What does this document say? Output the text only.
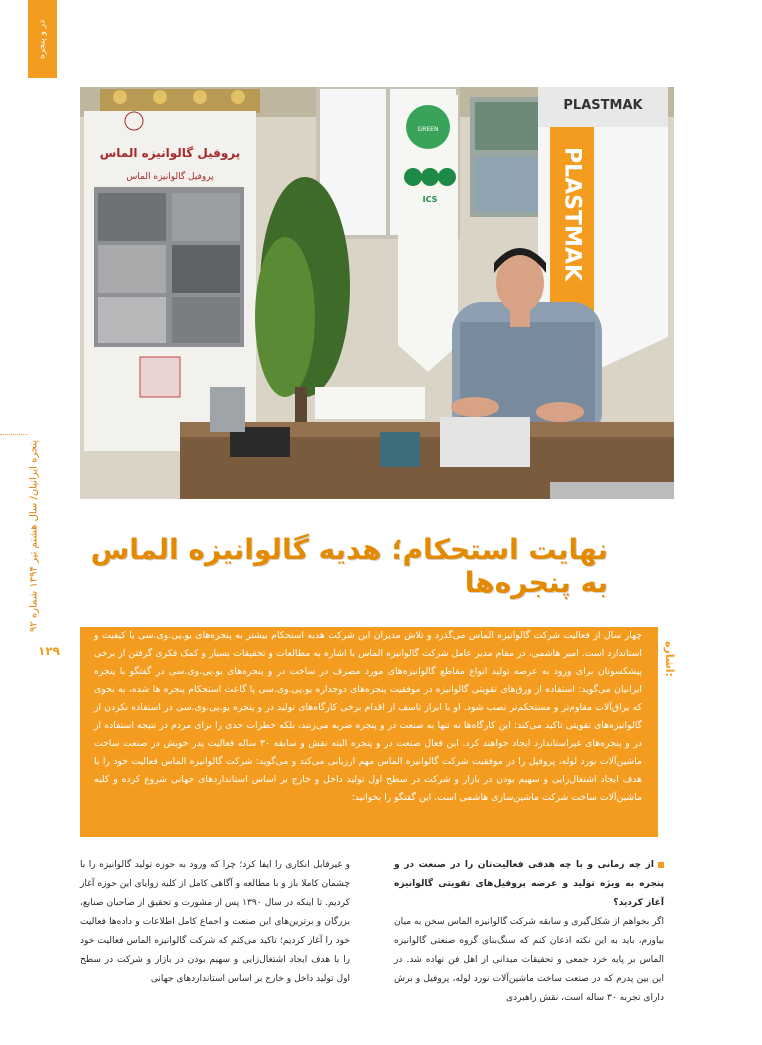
در و پنجره
پنجره ایرانیان/ سال هشتم تیر ۱۳۹۴ شماره ۹۲
۱۲۹
پروفیل گالوانیزه الماس
پروفیل گالوانیزه الماس
PLASTMAK
PLASTMAK
GREEN
ICS
نهایت استحکام؛ هدیه گالوانیزه الماس به پنجره‌ها
اشاره:
چهار سال از فعالیت شرکت گالوانیزه الماس می‌گذرد و تلاش مدیران این شرکت هدیه استحکام بیشتر به پنجره‌های یو.پی.وی.سی با کیفیت و استاندارد است. امیر هاشمی، در مقام مدیر عامل شرکت گالوانیزه الماس با اشاره به مطالعات و تحقیقات بسیار و کمک فکری گرفتن از برخی پیشکسوتان برای ورود به عرصه تولید انواع مقاطع گالوانیزه‌های مورد مصرف در ساخت در و پنجره‌های یو.پی.وی.سی در گفتگو با پنجره ایرانیان می‌گوید: استفاده از ورق‌های تقویتی گالوانیزه در موفقیت پنجره‌های دوجداره یو.پی.وی.سی پا گاعث استحکام پنجره ها شده، به نحوی که یراق‌آلات مقاوم‌تر و مستحکم‌تر نصب شود. او با ابراز تاسف از اقدام برخی کارگاه‌های تولید در و پنجره یو.پی.وی.سی در استفاده نکردن از گالوانیزه‌های تقویتی تاکید می‌کند: این کارگاه‌ها نه تنها به صنعت در و پنجره ضربه می‌زنند، بلکه خطرات جدی را برای مردم در نتیجه استفاده از در و پنجره‌های غیراستاندارد ایجاد خواهند کرد. این فعال صنعت در و پنجره البته نقش و سابقه ۳۰ ساله فعالیت پدر خویش در صنعت ساخت ماشین‌آلات نورد لوله، پروفیل را در موفقیت شرکت گالوانیزه الماس مهم ارزیابی می‌کند و می‌گوید: شرکت گالوانیزه الماس فعالیت خود را با هدف ایجاد اشتغال‌زایی و سهیم بودن در بازار و شرکت در سطح اول تولید داخل و خارج بر اساس استانداردهای جهانی شروع کرده و کلیه ماشین‌آلات ساخت شرکت ماشین‌سازی هاشمی است. این گفتگو را بخوانید:
از چه زمانی و با چه هدفی فعالیت‌تان را در صنعت در و پنجره به ویژه تولید و عرضه پروفیل‌های تقویتی گالوانیزه آغاز کردید؟
اگر بخواهم از شکل‌گیری و سابقه شرکت گالوانیزه الماس سخن به میان بیاورم، باید به این نکته اذعان کنم که سنگ‌بنای گروه صنعتی گالوانیزه الماس بر پایه خرد جمعی و تحقیقات میدانی از اهل فن نهاده شد. در این بین پدرم که در صنعت ساخت ماشین‌آلات نورد لوله، پروفیل و برش دارای تجربه ۳۰ ساله است، نقش راهبردی
و غیرقابل انکاری را ایفا کرد؛ چرا که ورود به حوزه تولید گالوانیزه را با چشمان کاملا باز و با مطالعه و آگاهی کامل از کلیه زوایای این حوزه آغاز کردیم. تا اینکه در سال ۱۳۹۰ پس از مشورت و تحقیق از صاحبان صنایع، بزرگان و برترین‌های این صنعت و اجماع کامل اطلاعات و داده‌ها فعالیت خود را آغاز کردیم؛ تاکید می‌کنم که شرکت گالوانیزه الماس فعالیت خود را با هدف ایجاد اشتغال‌زایی و سهیم بودن در بازار و شرکت در سطح اول تولید داخل و خارج بر اساس استانداردهای جهانی
